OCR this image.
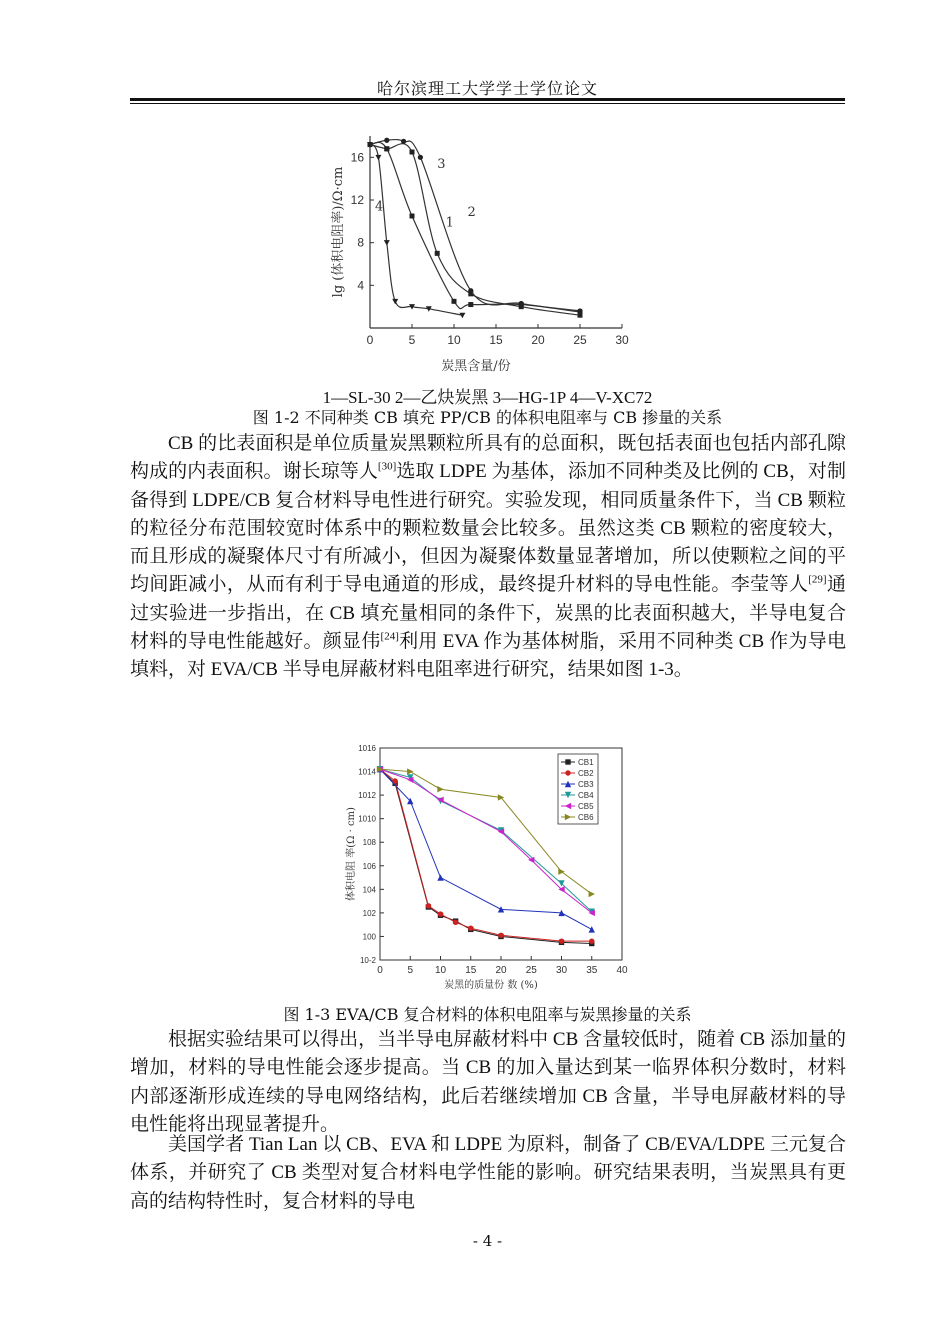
哈尔滨理工大学学士学位论文
0	5	10 15 20 25 30
4
8
12
16
炭黑含量/份
lg (体积电阻率)/Ω·cm	1
2
3
4
1—SL-30 2—乙炔炭黑 3—HG-1P 4—V-XC72
图 1-2 不同种类 CB 填充 PP/CB 的体积电阻率与 CB 掺量的关系

CB 的比表面积是单位质量炭黑颗粒所具有的总面积，既包括表面也包括内部孔隙构成的内表面积。谢长琼等人[30]选取 LDPE 为基体，添加不同种类及比例的 CB，对制备得到 LDPE/CB 复合材料导电性进行研究。实验发现，相同质量条件下，当 CB 颗粒的粒径分布范围较宽时体系中的颗粒数量会比较多。虽然这类 CB 颗粒的密度较大，而且形成的凝聚体尺寸有所减小，但因为凝聚体数量显著增加，所以使颗粒之间的平均间距减小，从而有利于导电通道的形成，最终提升材料的导电性能。李莹等人[29]通过实验进一步指出，在 CB 填充量相同的条件下，炭黑的比表面积越大，半导电复合材料的导电性能越好。颜显伟[24]利用 EVA 作为基体树脂，采用不同种类 CB 作为导电填料，对 EVA/CB 半导电屏蔽材料电阻率进行研究，结果如图 1-3。

0 5 10 15 20 25 30 35 40
10-2
100
102
104
106
108
1010
1012
1014
1016
炭黑的质量份 数 (%)
体积电阻 率(Ω · cm)
CB1
CB2
CB3
CB4
CB5
CB6
图 1-3 EVA/CB 复合材料的体积电阻率与炭黑掺量的关系

根据实验结果可以得出，当半导电屏蔽材料中 CB 含量较低时，随着 CB 添加量的增加，材料的导电性能会逐步提高。当 CB 的加入量达到某一临界体积分数时，材料内部逐渐形成连续的导电网络结构，此后若继续增加 CB 含量，半导电屏蔽材料的导电性能将出现显著提升。

美国学者 Tian Lan 以 CB、EVA 和 LDPE 为原料，制备了 CB/EVA/LDPE 三元复合体系，并研究了 CB 类型对复合材料电学性能的影响。研究结果表明，当炭黑具有更高的结构特性时，复合材料的导电

- 4 -
